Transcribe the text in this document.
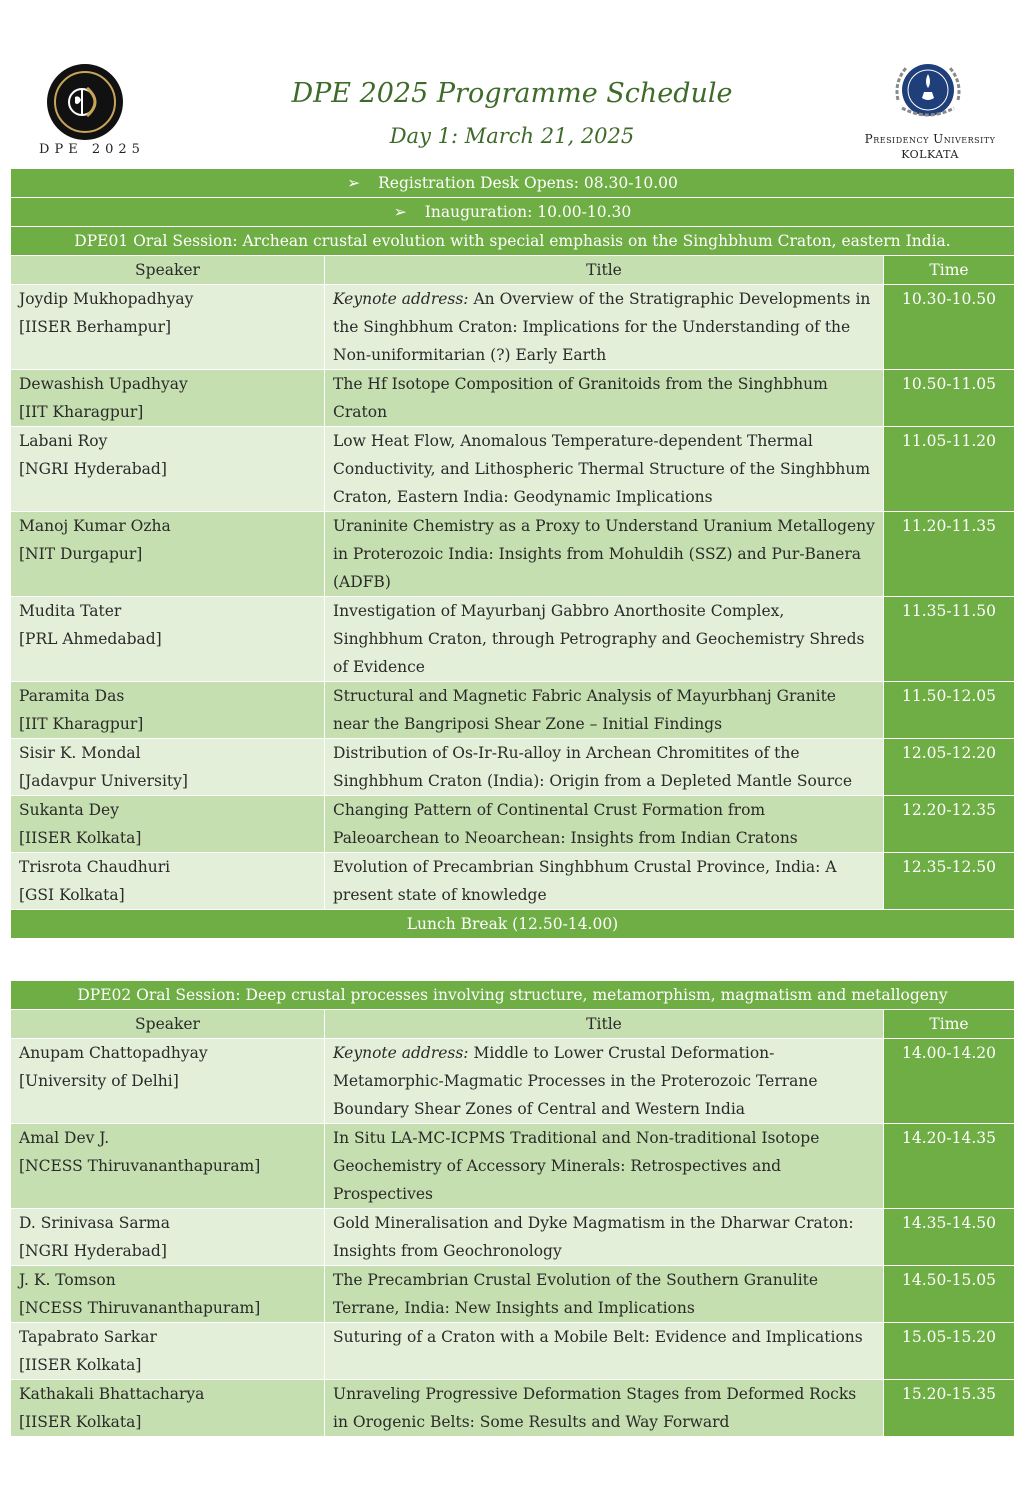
DPE 2025
DPE 2025 Programme Schedule
Day 1: March 21, 2025	Presidency University
KOLKATA
➢ Registration Desk Opens: 08.30-10.00		
➢ Inauguration: 10.00-10.30		
DPE01 Oral Session: Archean crustal evolution with special emphasis on the Singhbhum Craton, eastern India.		
Speaker	Title	Time

Joydip Mukhopadhyay
[IISER Berhampur]	Keynote address: An Overview of the Stratigraphic Developments in the Singhbhum Craton: Implications for the Understanding of the Non-uniformitarian (?) Early Earth	10.30-10.50

Dewashish Upadhyay
[IIT Kharagpur]	The Hf Isotope Composition of Granitoids from the Singhbhum Craton	10.50-11.05

Labani Roy
[NGRI Hyderabad]	Low Heat Flow, Anomalous Temperature-dependent Thermal Conductivity, and Lithospheric Thermal Structure of the Singhbhum Craton, Eastern India: Geodynamic Implications	11.05-11.20

Manoj Kumar Ozha
[NIT Durgapur]	Uraninite Chemistry as a Proxy to Understand Uranium Metallogeny in Proterozoic India: Insights from Mohuldih (SSZ) and Pur-Banera (ADFB)	11.20-11.35

Mudita Tater
[PRL Ahmedabad]	Investigation of Mayurbanj Gabbro Anorthosite Complex, Singhbhum Craton, through Petrography and Geochemistry Shreds of Evidence	11.35-11.50

Paramita Das
[IIT Kharagpur]	Structural and Magnetic Fabric Analysis of Mayurbhanj Granite near the Bangriposi Shear Zone – Initial Findings	11.50-12.05

Sisir K. Mondal
[Jadavpur University]	Distribution of Os-Ir-Ru-alloy in Archean Chromitites of the Singhbhum Craton (India): Origin from a Depleted Mantle Source	12.05-12.20

Sukanta Dey
[IISER Kolkata]	Changing Pattern of Continental Crust Formation from Paleoarchean to Neoarchean: Insights from Indian Cratons	12.20-12.35

Trisrota Chaudhuri
[GSI Kolkata]	Evolution of Precambrian Singhbhum Crustal Province, India: A present state of knowledge	12.35-12.50
Lunch Break (12.50-14.00)		
DPE02 Oral Session: Deep crustal processes involving structure, metamorphism, magmatism and metallogeny		
Speaker	Title	Time

Anupam Chattopadhyay
[University of Delhi]	Keynote address: Middle to Lower Crustal Deformation-Metamorphic-Magmatic Processes in the Proterozoic Terrane Boundary Shear Zones of Central and Western India	14.00-14.20

Amal Dev J.
[NCESS Thiruvananthapuram]	In Situ LA-MC-ICPMS Traditional and Non-traditional Isotope Geochemistry of Accessory Minerals: Retrospectives and Prospectives	14.20-14.35

D. Srinivasa Sarma
[NGRI Hyderabad]	Gold Mineralisation and Dyke Magmatism in the Dharwar Craton: Insights from Geochronology	14.35-14.50

J. K. Tomson
[NCESS Thiruvananthapuram]	The Precambrian Crustal Evolution of the Southern Granulite Terrane, India: New Insights and Implications	14.50-15.05

Tapabrato Sarkar
[IISER Kolkata]	Suturing of a Craton with a Mobile Belt: Evidence and Implications	15.05-15.20

Kathakali Bhattacharya
[IISER Kolkata]	Unraveling Progressive Deformation Stages from Deformed Rocks in Orogenic Belts: Some Results and Way Forward	15.20-15.35
